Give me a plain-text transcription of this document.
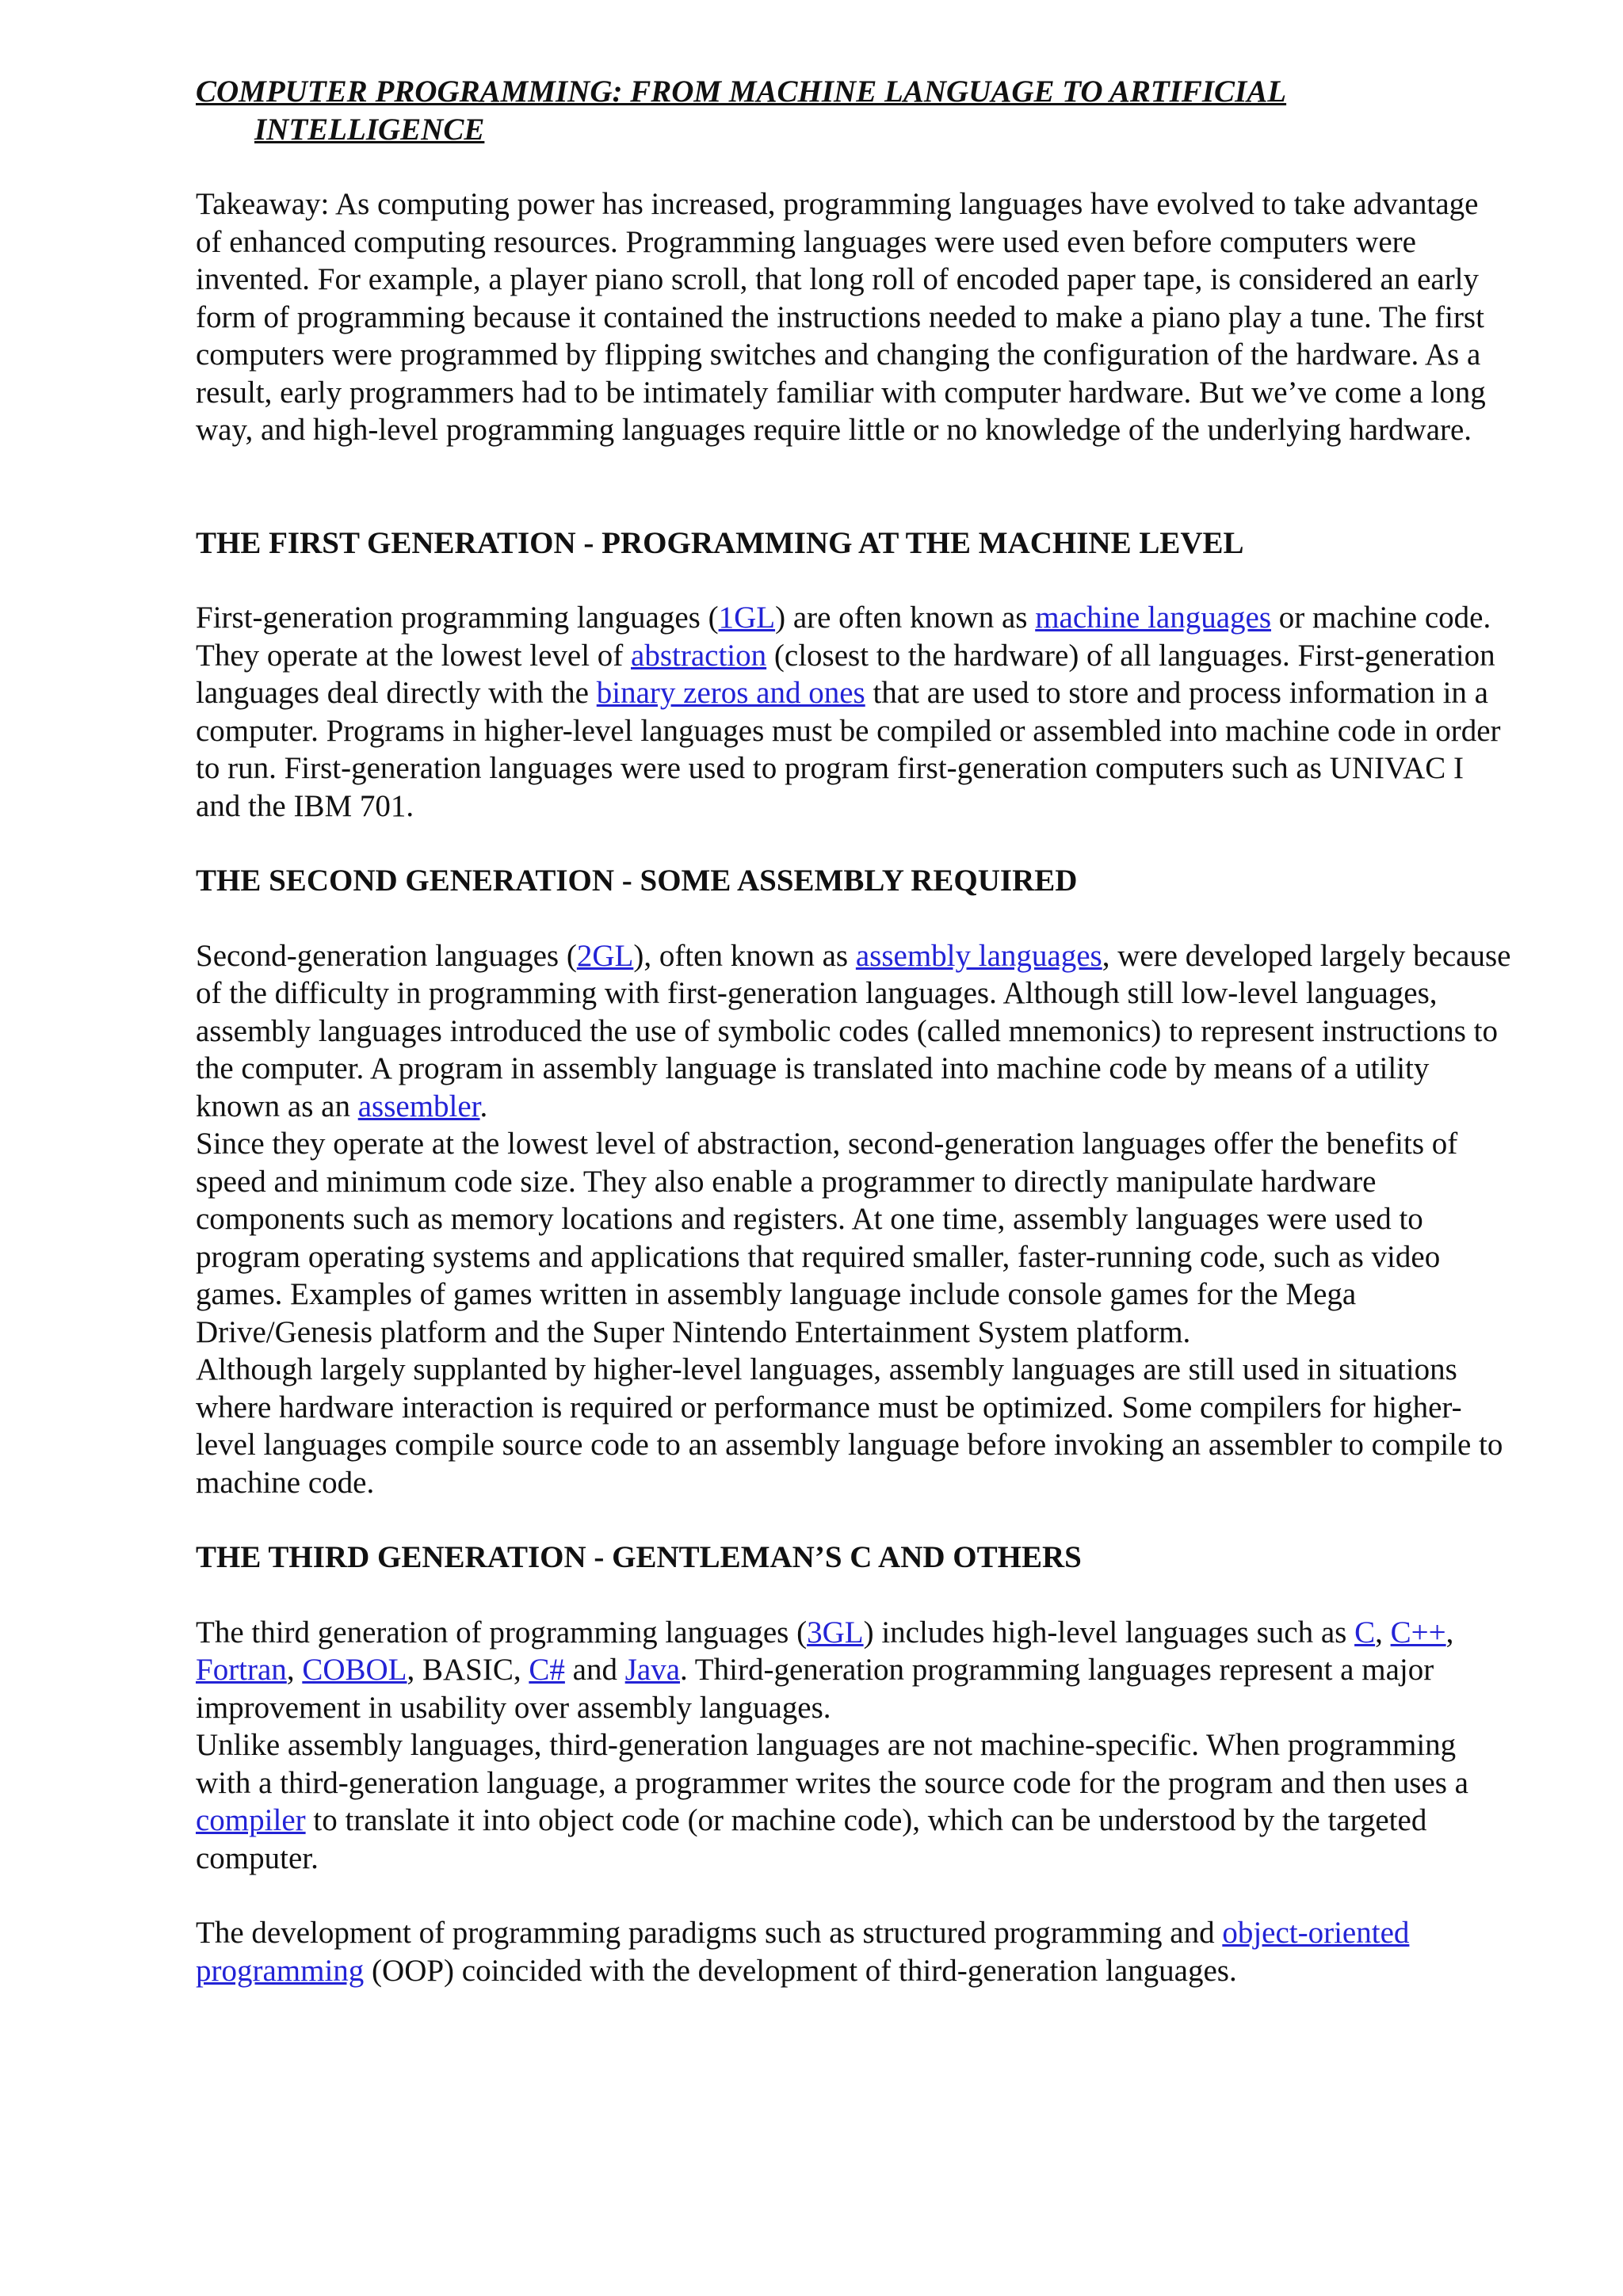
COMPUTER PROGRAMMING: FROM MACHINE LANGUAGE TO ARTIFICIAL INTELLIGENCE

Takeaway: As computing power has increased, programming languages have evolved to take advantage of enhanced computing resources. Programming languages were used even before computers were invented. For example, a player piano scroll, that long roll of encoded paper tape, is considered an early form of programming because it contained the instructions needed to make a piano play a tune. The first computers were programmed by flipping switches and changing the configuration of the hardware. As a result, early programmers had to be intimately familiar with computer hardware. But we’ve come a long way, and high-level programming languages require little or no knowledge of the underlying hardware.

THE FIRST GENERATION - PROGRAMMING AT THE MACHINE LEVEL

First-generation programming languages (1GL) are often known as machine languages or machine code. They operate at the lowest level of abstraction (closest to the hardware) of all languages. First-generation languages deal directly with the binary zeros and ones that are used to store and process information in a computer. Programs in higher-level languages must be compiled or assembled into machine code in order to run. First-generation languages were used to program first-generation computers such as UNIVAC I and the IBM 701.

THE SECOND GENERATION - SOME ASSEMBLY REQUIRED

Second-generation languages (2GL), often known as assembly languages, were developed largely because of the difficulty in programming with first-generation languages. Although still low-level languages, assembly languages introduced the use of symbolic codes (called mnemonics) to represent instructions to the computer. A program in assembly language is translated into machine code by means of a utility known as an assembler.

Since they operate at the lowest level of abstraction, second-generation languages offer the benefits of speed and minimum code size. They also enable a programmer to directly manipulate hardware components such as memory locations and registers. At one time, assembly languages were used to program operating systems and applications that required smaller, faster-running code, such as video games. Examples of games written in assembly language include console games for the Mega Drive/Genesis platform and the Super Nintendo Entertainment System platform.

Although largely supplanted by higher-level languages, assembly languages are still used in situations where hardware interaction is required or performance must be optimized. Some compilers for higher-level languages compile source code to an assembly language before invoking an assembler to compile to machine code.

THE THIRD GENERATION - GENTLEMAN’S C AND OTHERS

The third generation of programming languages (3GL) includes high-level languages such as C, C++, Fortran, COBOL, BASIC, C# and Java. Third-generation programming languages represent a major improvement in usability over assembly languages.

Unlike assembly languages, third-generation languages are not machine-specific. When programming with a third-generation language, a programmer writes the source code for the program and then uses a compiler to translate it into object code (or machine code), which can be understood by the targeted computer.

The development of programming paradigms such as structured programming and object-oriented programming (OOP) coincided with the development of third-generation languages.
